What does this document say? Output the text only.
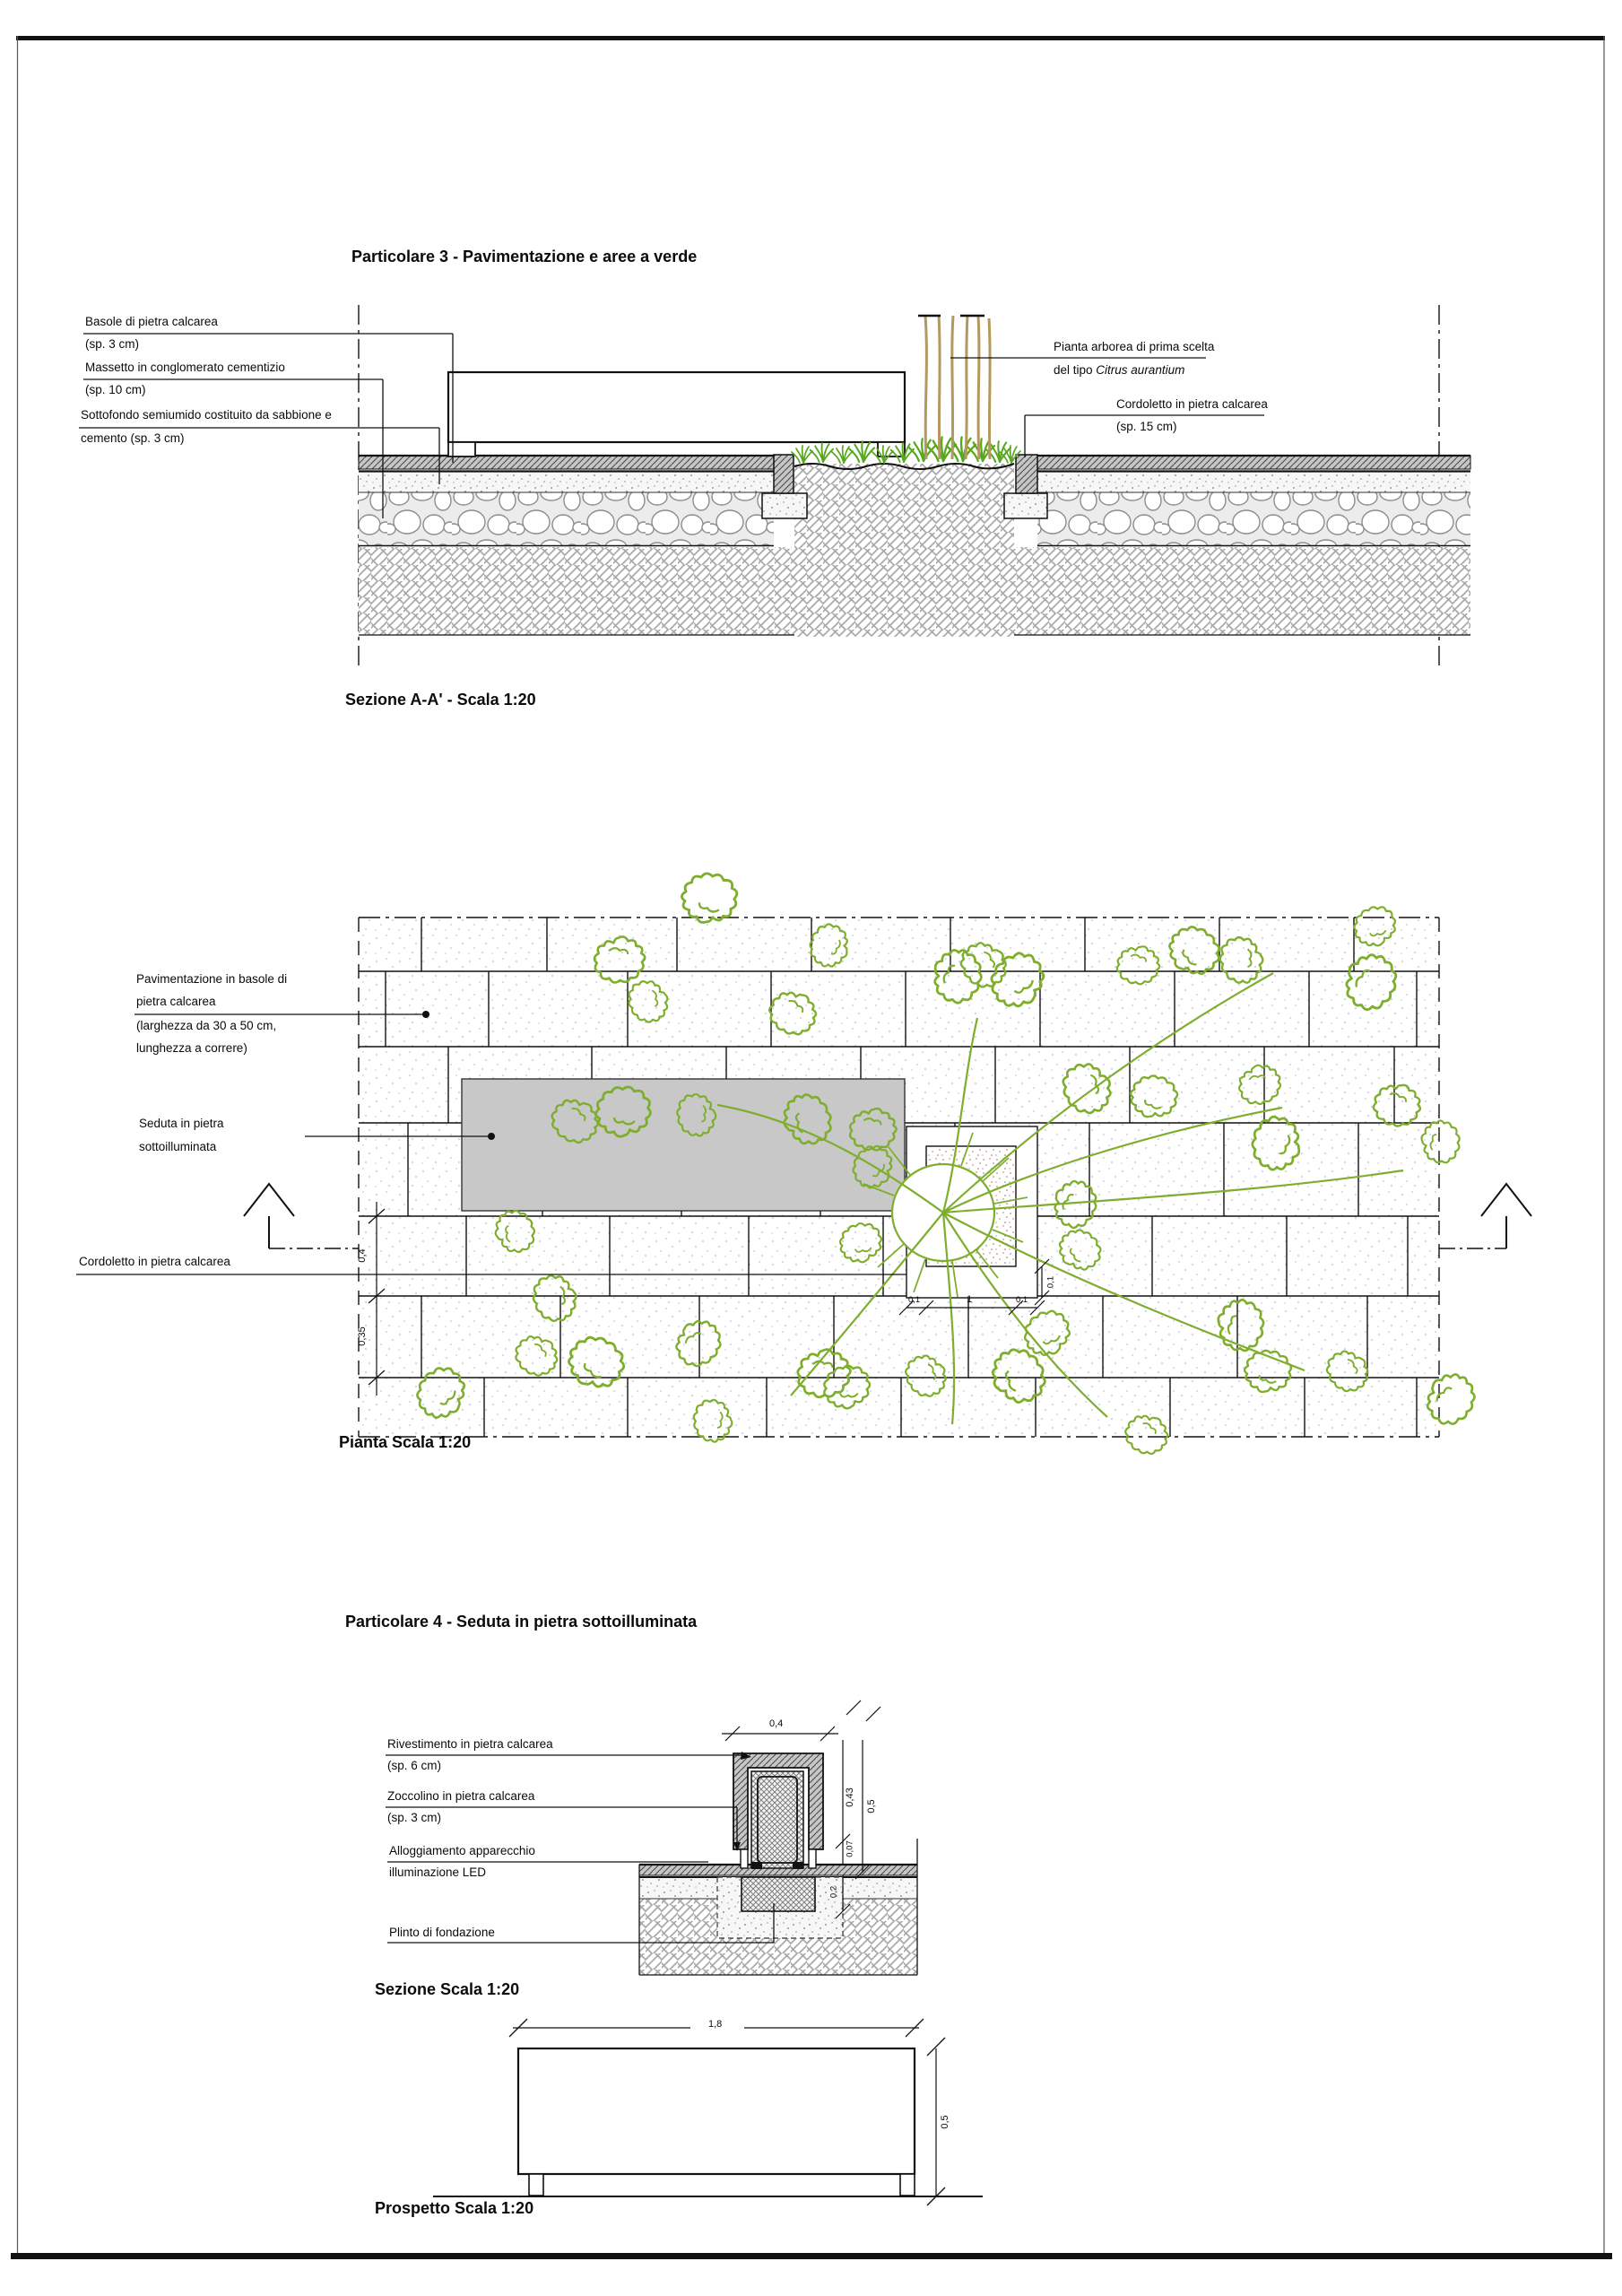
Particolare 3 - Pavimentazione e aree a verde
Basole di pietra calcarea
(sp. 3 cm)
Massetto in conglomerato cementizio
(sp. 10 cm)
Sottofondo semiumido costituito da sabbione e
cemento (sp. 3 cm)
Pianta arborea di prima scelta
del tipo Citrus aurantium
Cordoletto in pietra calcarea
(sp. 15 cm)
Sezione A-A' - Scala 1:20
Pavimentazione in basole di
pietra calcarea
(larghezza da 30 a 50 cm,
lunghezza a correre)
Seduta in pietra
sottoilluminata
Cordoletto in pietra calcarea	0,4
0,35
0,1	1	0,1
0,1
Pianta Scala 1:20
Particolare 4 - Seduta in pietra sottoilluminata
Rivestimento in pietra calcarea
(sp. 6 cm)
Zoccolino in pietra calcarea
(sp. 3 cm)
Alloggiamento apparecchio
illuminazione LED
Plinto di fondazione
0,4
0,43 0,5
0,07
0,2
Sezione Scala 1:20
1,8
0,5
Prospetto Scala 1:20
